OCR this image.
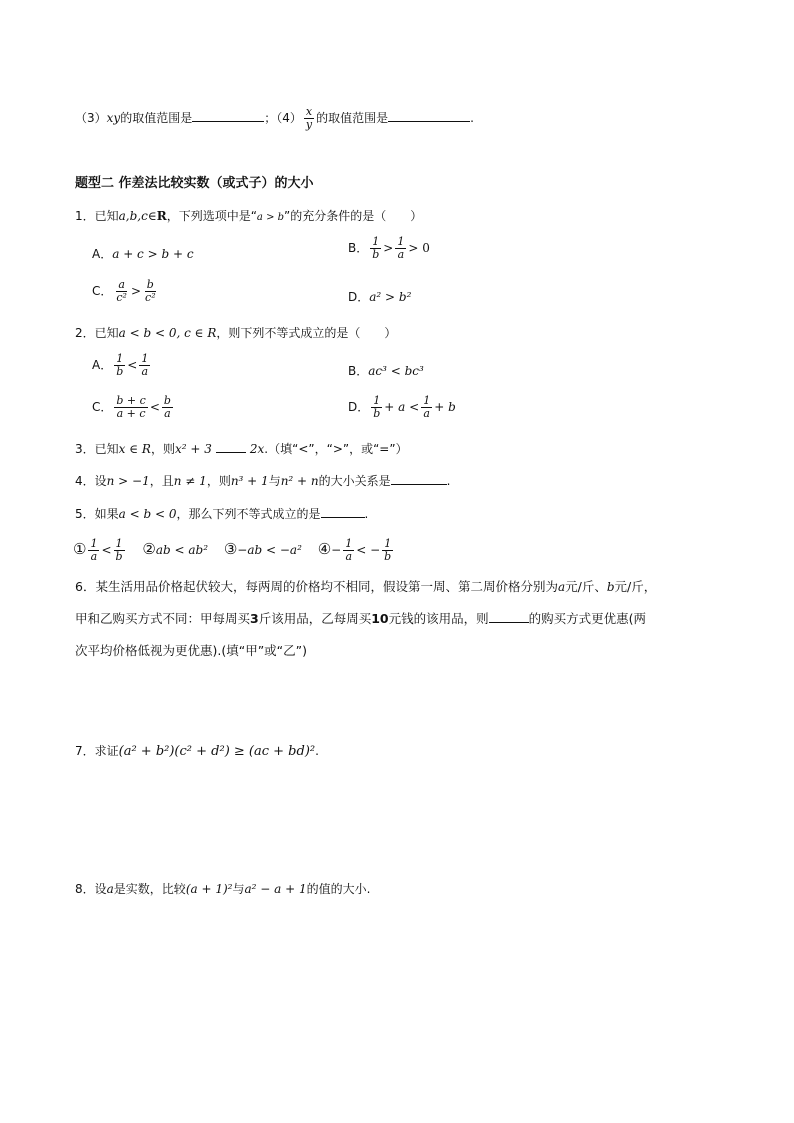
（3）xy的取值范围是	；$(4) \frac{x}{y}$ 的取值范围是	.
题型二 作差法比较实数（或式子）的大小
1．已知a,b,c∈R，下列选项中是“a > b”的充分条件的是（　　）
A．a + c > b + c	B． $\frac{1}{b} > \frac{1}{a} > 0$
C． $\frac{a}{\text{c²}} > \frac{b}{\text{c²}}$	D．a² > b²
2．已知a < b < 0, c ∈ R，则下列不等式成立的是（　　）
A． $\frac{1}{b} < \frac{1}{a}$	B．ac³ < bc³
C． $\frac{b + c}{a + c} < \frac{b}{a}$	D． $\frac{1}{b} + a < \frac{1}{a} + b$
3．已知x ∈ R，则x² + 3	2x.（填“<”，“>”，或“=”）
4．设n > −1，且n ≠ 1，则n³ + 1与n² + n的大小关系是	.
5．如果a < b < 0，那么下列不等式成立的是	.
① $\frac{1}{a} < \frac{1}{b}$ ②ab < ab² ③−ab < −a² ④− $\frac{1}{a}$ < − $\frac{1}{b}$
6．某生活用品价格起伏较大，每两周的价格均不相同，假设第一周、第二周价格分别为a元/斤、b元/斤，
甲和乙购买方式不同：甲每周买3斤该用品，乙每周买10元钱的该用品，则	的购买方式更优惠(两
次平均价格低视为更优惠).(填“甲”或“乙”)
7．求证(a² + b²)(c² + d²) ≥ (ac + bd)².
8．设a是实数，比较(a + 1)²与a² − a + 1的值的大小.
